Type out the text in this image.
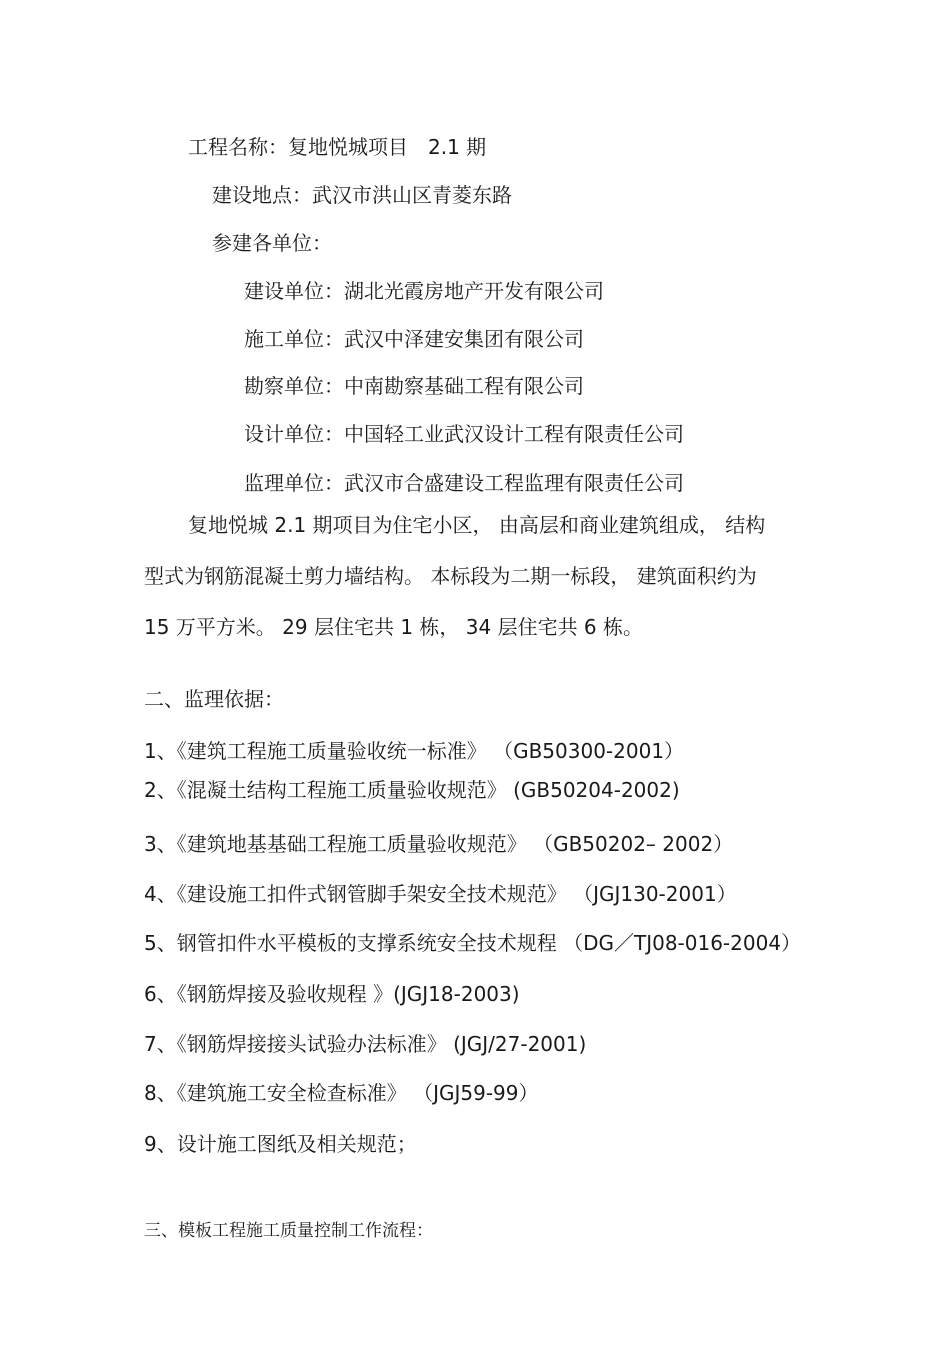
工程名称：复地悦城项目　2.1 期
建设地点：武汉市洪山区青菱东路
参建各单位：
建设单位：湖北光霞房地产开发有限公司
施工单位：武汉中泽建安集团有限公司
勘察单位：中南勘察基础工程有限公司
设计单位：中国轻工业武汉设计工程有限责任公司
监理单位：武汉市合盛建设工程监理有限责任公司
复地悦城 2.1 期项目为住宅小区， 由高层和商业建筑组成， 结构
型式为钢筋混凝土剪力墙结构。 本标段为二期一标段， 建筑面积约为
15 万平方米。 29 层住宅共 1 栋， 34 层住宅共 6 栋。
二、监理依据：
1、《建筑工程施工质量验收统一标准》 （GB50300-2001）
2、《混凝土结构工程施工质量验收规范》 (GB50204-2002)
3、《建筑地基基础工程施工质量验收规范》 （GB50202– 2002）
4、《建设施工扣件式钢管脚手架安全技术规范》 （JGJ130-2001）
5、钢管扣件水平模板的支撑系统安全技术规程 （DG／TJ08-016-2004）
6、《钢筋焊接及验收规程 》(JGJ18-2003)
7、《钢筋焊接接头试验办法标准》 (JGJ/27-2001)
8、《建筑施工安全检查标准》 （JGJ59-99）
9、设计施工图纸及相关规范；
三、模板工程施工质量控制工作流程：
